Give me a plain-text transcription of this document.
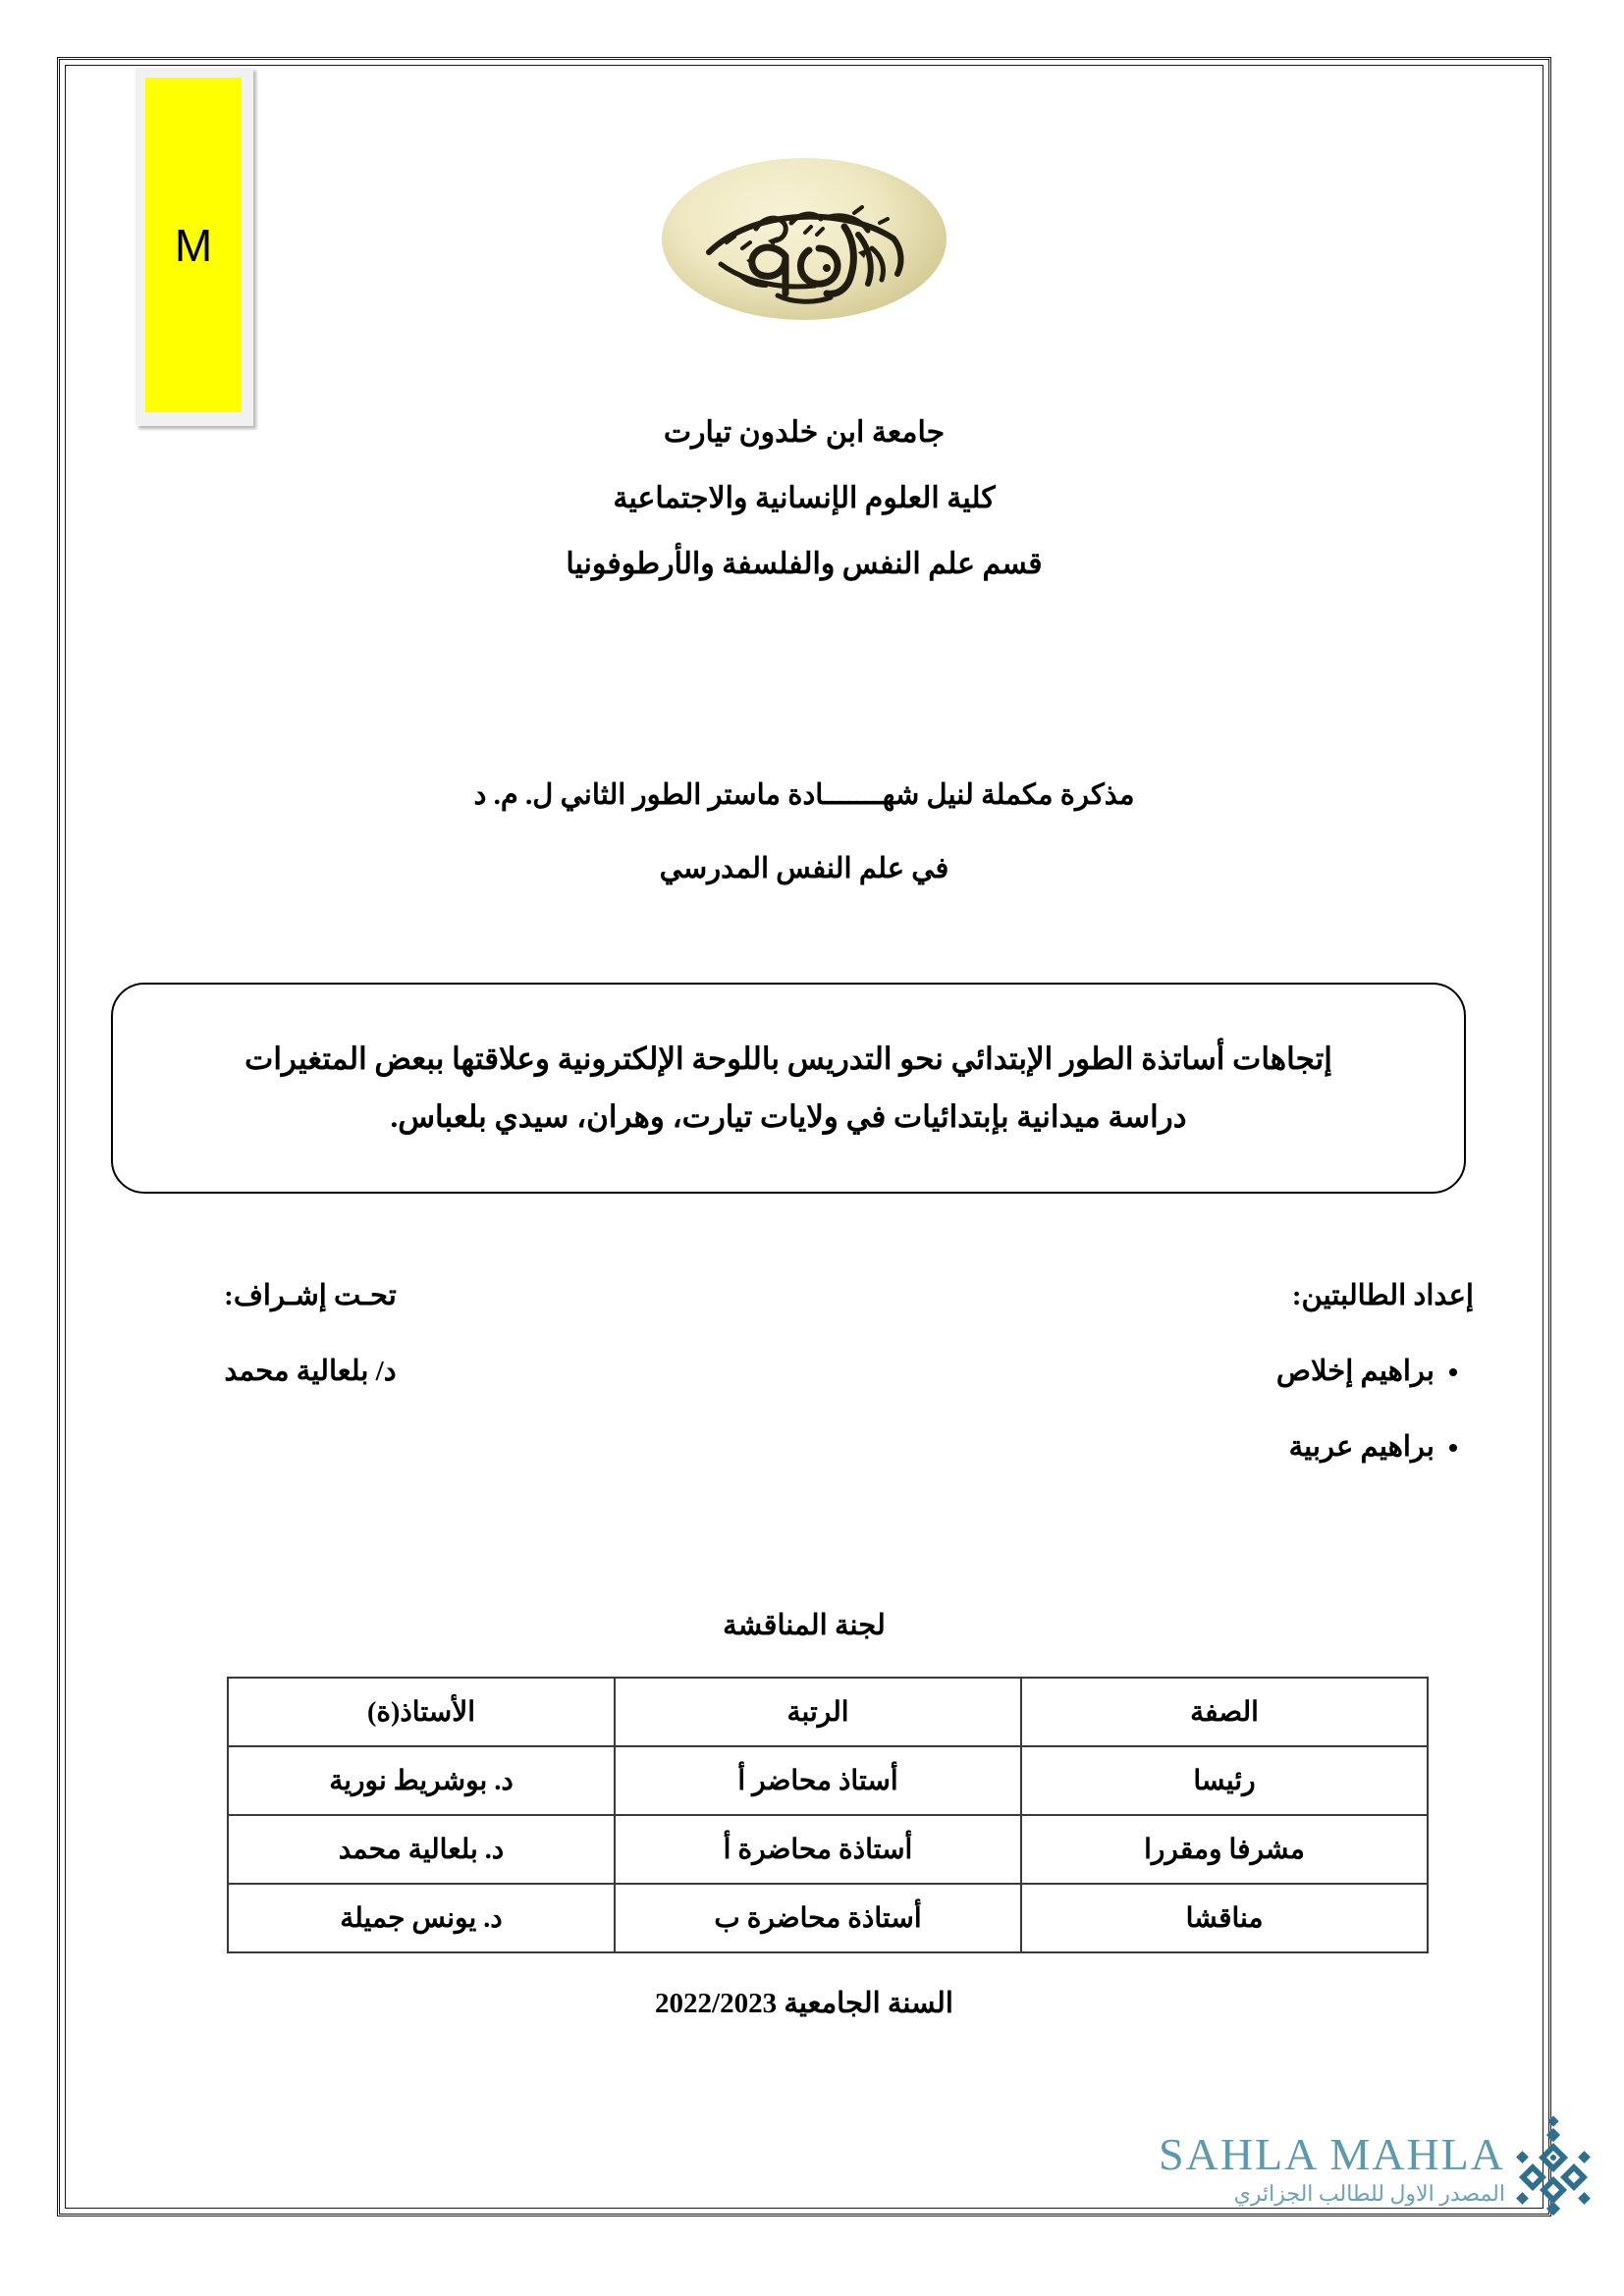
M

جامعة ابن خلدون تيارت

كلية العلوم الإنسانية والاجتماعية

قسم علم النفس والفلسفة والأرطوفونيا

مذكرة مكملة لنيل شهـــــــادة ماستر الطور الثاني ل. م. د

في علم النفس المدرسي

إتجاهات أساتذة الطور الإبتدائي نحو التدريس باللوحة الإلكترونية وعلاقتها ببعض المتغيرات

دراسة ميدانية بإبتدائيات في ولايات تيارت، وهران، سيدي بلعباس.

إعداد الطالبتين:

• براهيم إخلاص
• براهيم عربية

تحـت إشـراف:

د/ بلعالية محمد

لجنة المناقشة
الصفة	الرتبة	الأستاذ(ة)
رئيسا	أستاذ محاضر أ	د. بوشريط نورية
مشرفا ومقررا	أستاذة محاضرة أ	د. بلعالية محمد
مناقشا	أستاذة محاضرة ب	د. يونس جميلة
السنة الجامعية 2022/2023
SAHLA MAHLA
المصدر الاول للطالب الجزائري
